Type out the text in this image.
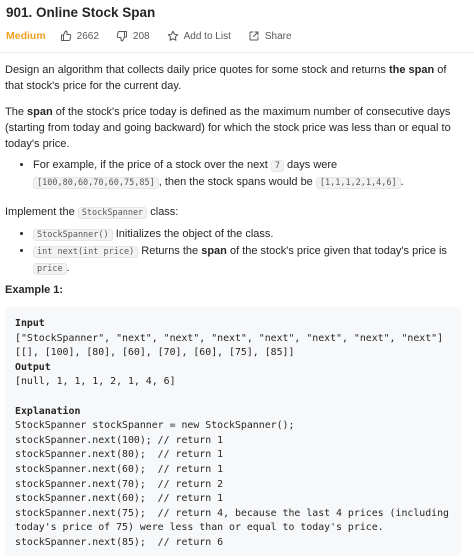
901. Online Stock Span
Medium	2662	208	Add to List	Share

Design an algorithm that collects daily price quotes for some stock and returns the span of that stock's price for the current day.

The span of the stock's price today is defined as the maximum number of consecutive days (starting from today and going backward) for which the stock price was less than or equal to today's price.

• For example, if the price of a stock over the next 7 days were [100,80,60,70,60,75,85] , then the stock spans would be [1,1,1,2,1,4,6] .

Implement the StockSpanner class:

• StockSpanner() Initializes the object of the class.
• int next(int price) Returns the span of the stock's price given that today's price is price .
Example 1:
Input
["StockSpanner", "next", "next", "next", "next", "next", "next", "next"]
[[], [100], [80], [60], [70], [60], [75], [85]]
Output
[null, 1, 1, 1, 2, 1, 4, 6]

Explanation
StockSpanner stockSpanner = new StockSpanner();
stockSpanner.next(100); // return 1
stockSpanner.next(80);  // return 1
stockSpanner.next(60);  // return 1
stockSpanner.next(70);  // return 2
stockSpanner.next(60);  // return 1
stockSpanner.next(75);  // return 4, because the last 4 prices (including
today's price of 75) were less than or equal to today's price.
stockSpanner.next(85);  // return 6
